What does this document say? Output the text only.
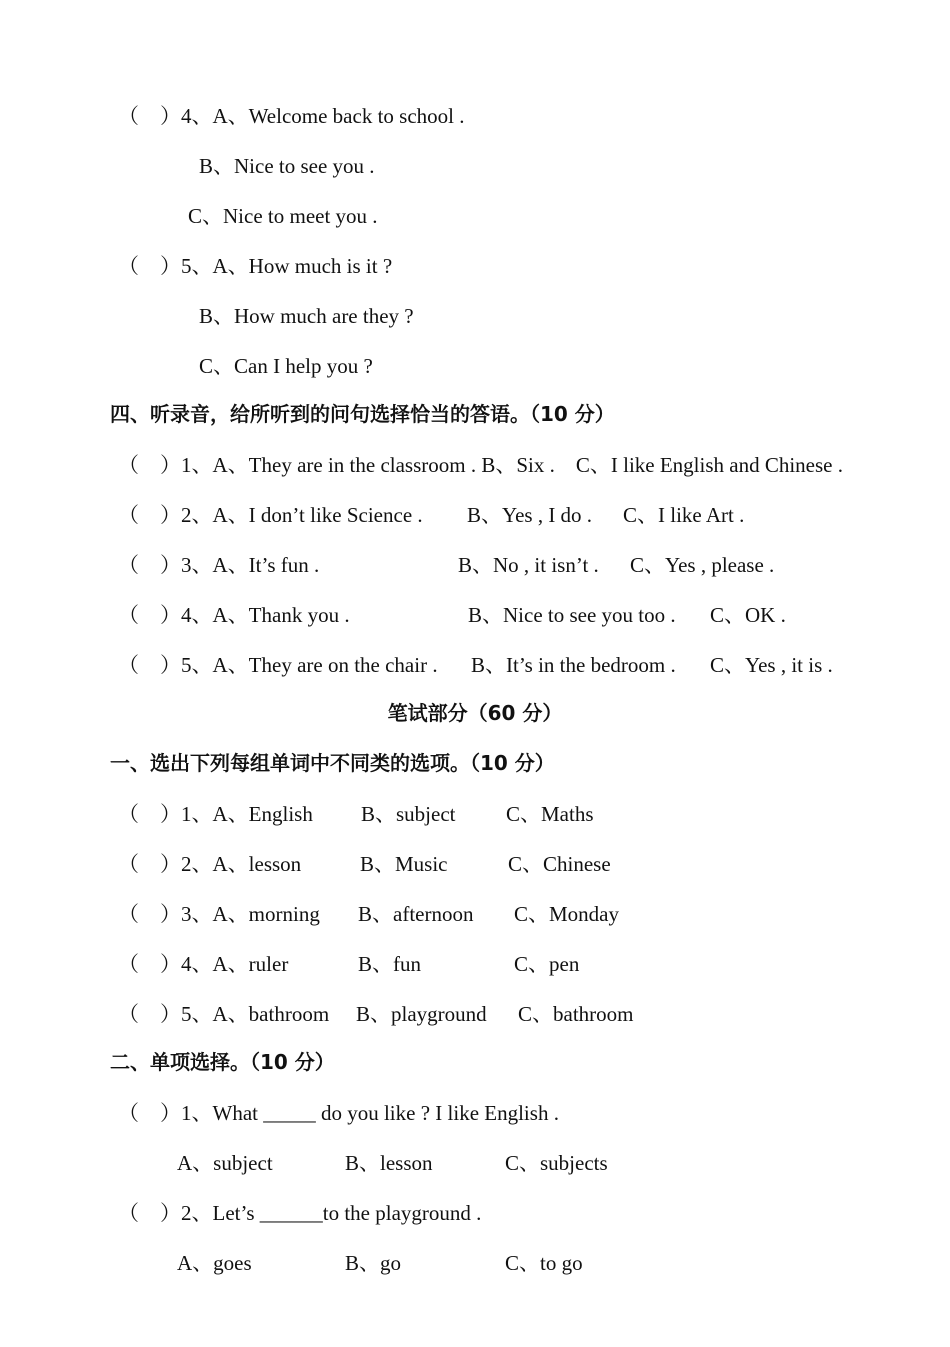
（    ）4、A、Welcome back to school .
B、Nice to see you .
C、Nice to meet you .
（    ）5、A、How much is it ?
B、How much are they ?
C、Can I help you ?
四、听录音，给所听到的问句选择恰当的答语。（10 分）
（    ）1、A、They are in the classroom . B、Six .    C、I like English and Chinese .

（    ）2、A、I don’t like Science .

B、Yes , I do .

C、I like Art .

（    ）3、A、It’s fun .

	B、No , it isn’t .

C、Yes , please .

（    ）4、A、Thank you .

	B、Nice to see you too .

C、OK .

（    ）5、A、They are on the chair .

B、It’s in the bedroom .

C、Yes , it is .

笔试部分（60 分）
一、选出下列每组单词中不同类的选项。（10 分）

（    ）1、A、English

B、subject

C、Maths

（    ）2、A、lesson

	B、Music

	C、Chinese

（    ）3、A、morning

B、afternoon

C、Monday

（    ）4、A、ruler

	B、fun

	C、pen

（    ）5、A、bathroom

B、playground

C、bathroom

二、单项选择。（10 分）
（    ）1、What _____ do you like ? I like English .

A、subject

	B、lesson

	C、subjects

（    ）2、Let’s ______to the playground .

A、goes

	B、go

	C、to go
